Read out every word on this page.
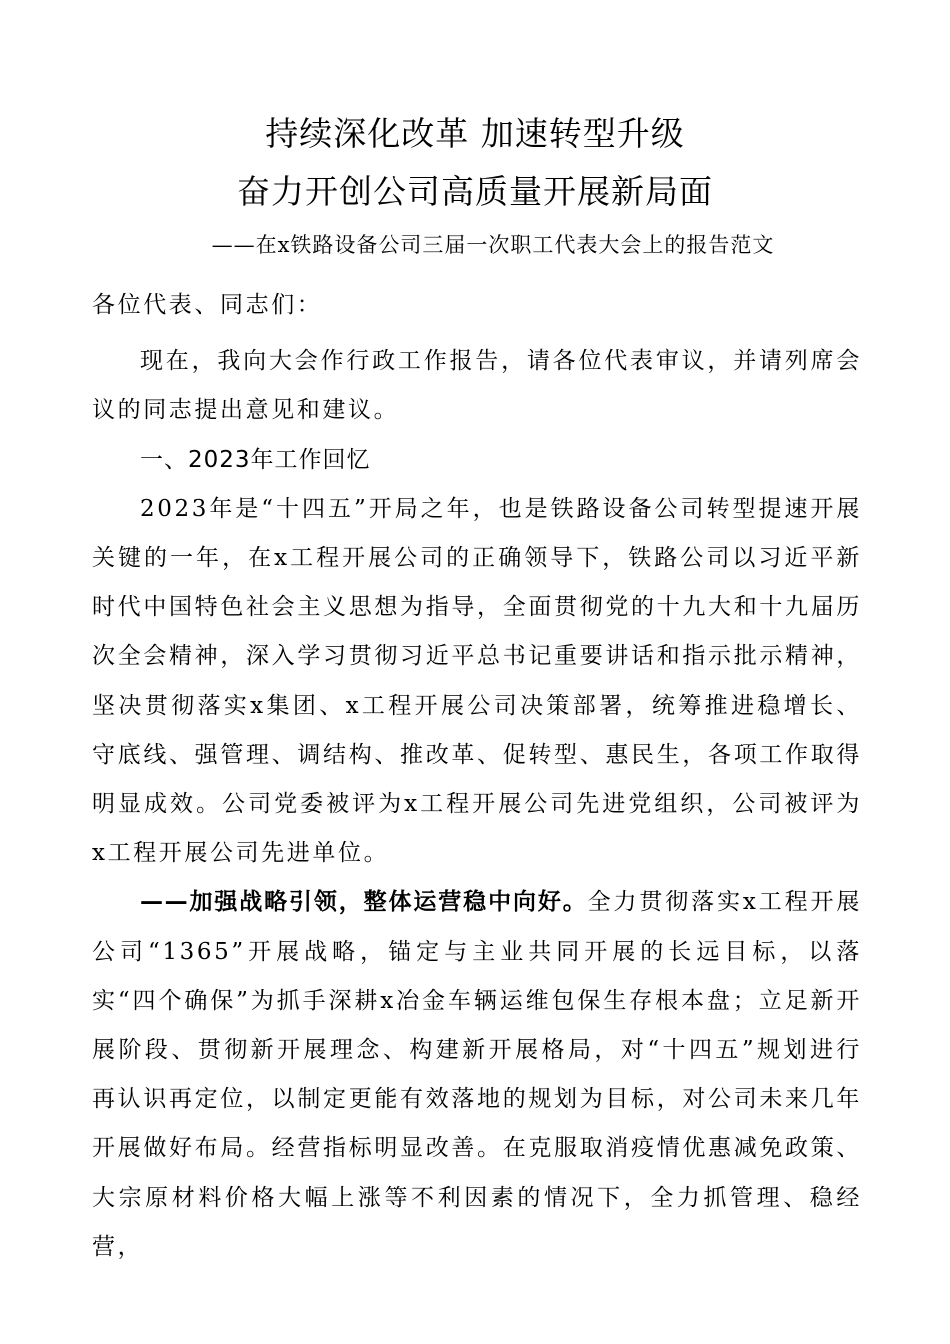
持续深化改革 加速转型升级
奋力开创公司高质量开展新局面

——在x铁路设备公司三届一次职工代表大会上的报告范文

各位代表、同志们：

现在，我向大会作行政工作报告，请各位代表审议，并请列席会议的同志提出意见和建议。

一、2023年工作回忆

2023年是“十四五”开局之年，也是铁路设备公司转型提速开展关键的一年，在x工程开展公司的正确领导下，铁路公司以习近平新时代中国特色社会主义思想为指导，全面贯彻党的十九大和十九届历次全会精神，深入学习贯彻习近平总书记重要讲话和指示批示精神，坚决贯彻落实x集团、x工程开展公司决策部署，统筹推进稳增长、守底线、强管理、调结构、推改革、促转型、惠民生，各项工作取得明显成效。公司党委被评为x工程开展公司先进党组织，公司被评为x工程开展公司先进单位。

——加强战略引领，整体运营稳中向好。全力贯彻落实x工程开展公司“1365”开展战略，锚定与主业共同开展的长远目标，以落实“四个确保”为抓手深耕x冶金车辆运维包保生存根本盘；立足新开展阶段、贯彻新开展理念、构建新开展格局，对“十四五”规划进行再认识再定位，以制定更能有效落地的规划为目标，对公司未来几年开展做好布局。经营指标明显改善。在克服取消疫情优惠减免政策、大宗原材料价格大幅上涨等不利因素的情况下，全力抓管理、稳经营，
